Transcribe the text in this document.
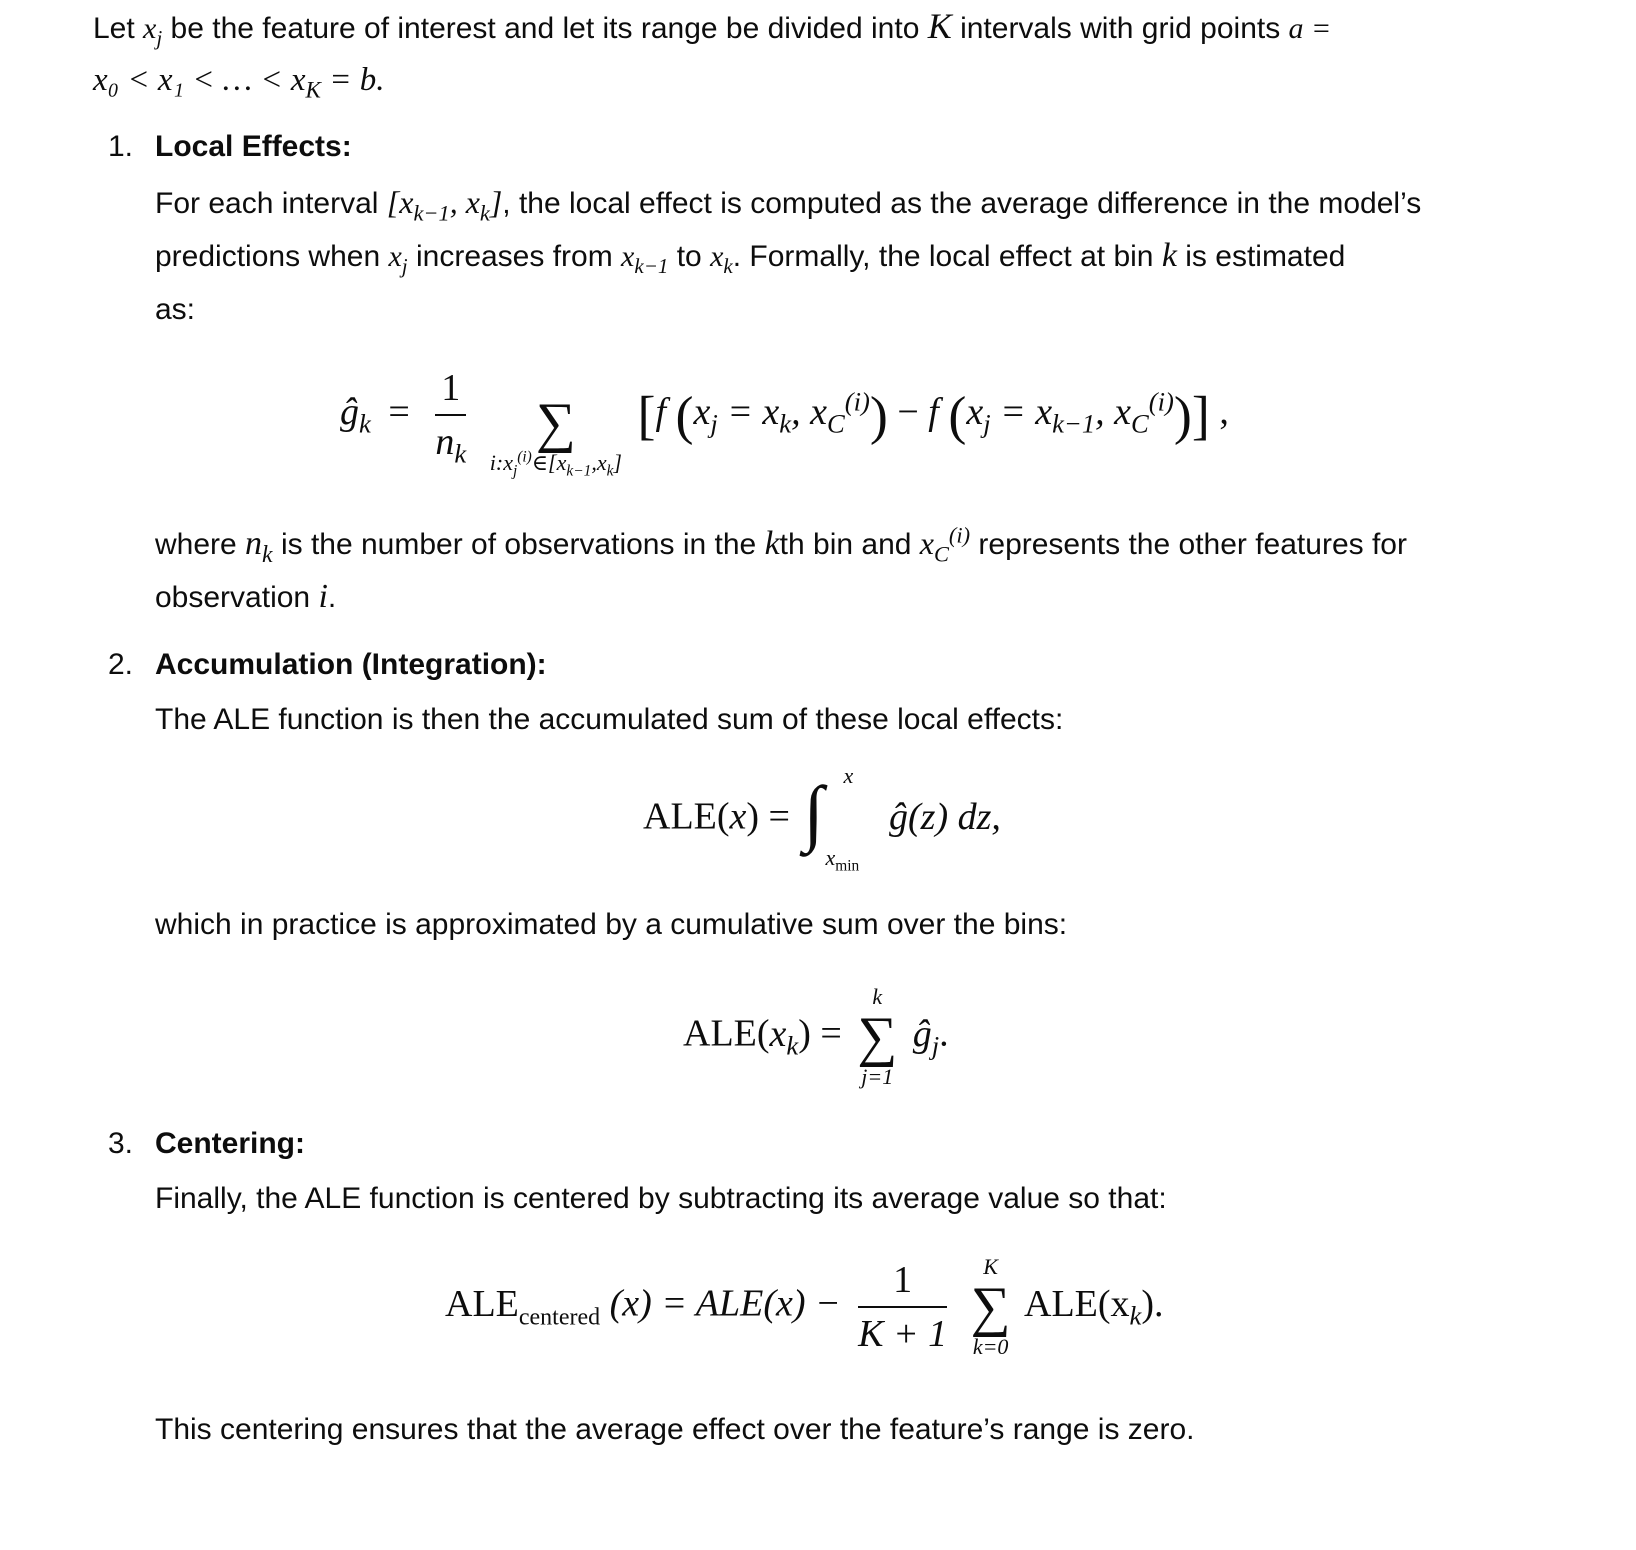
Let $x_j$ be the feature of interest and let its range be divided into K intervals with grid points a =
x₀ < x₁ < … < $x_K = b$.
1. Local Effects:
For each interval [$x_{k-1}$, $x_k$], the local effect is computed as the average difference in the model’s
predictions when $x_j$ increases from $x_{k-1}$ to $x_k$. Formally, the local effect at bin k is estimated
as:
$ĝ_k = \frac{1}{n_k}$
	∑
$i:x_j^{(i)}\in[x_{k-1},x_k]$
[f ($x_j = x_k$, $x_C^{(i)}) - f$ ($x_j = x_{k-1}$, $x_C^{(i)}$)] ,
where $n_k$ is the number of observations in the kth bin and $x_C^{(i)}$ represents the other features for
observation i.
2. Accumulation (Integration):
The ALE function is then the accumulated sum of these local effects:
ALE(x) = ∫ x
$x_{min}$
ĝ(z) dz,
which in practice is approximated by a cumulative sum over the bins:
$ALE(x_k)$ =
k
∑
j=1
$ĝ_j$.
3. Centering:
Finally, the ALE function is centered by subtracting its average value so that:
$ALE_{centered}$ $(x) = ALE(x) - \frac{1}{K + 1}$
	K
∑
k=0
$ALE(x_k)$.
This centering ensures that the average effect over the feature’s range is zero.
